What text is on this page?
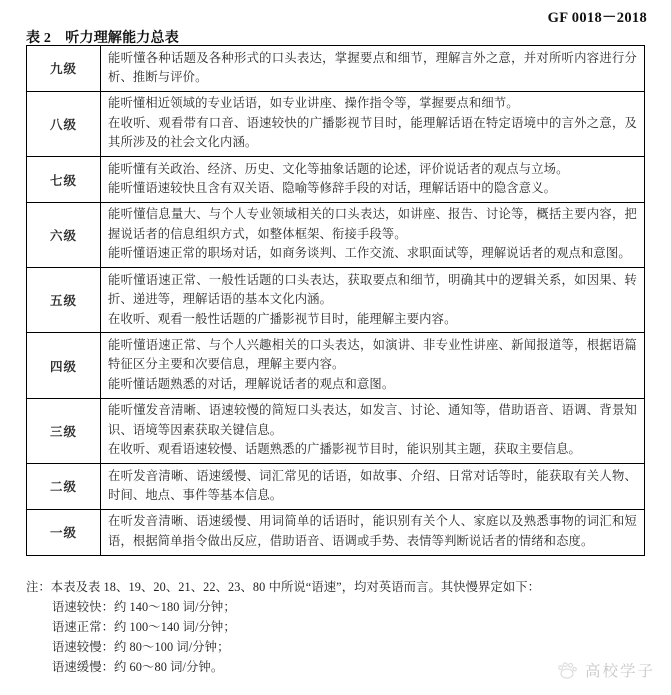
GF 0018－2018
表 2　听力理解能力总表
九级	能听懂各种话题及各种形式的口头表达，掌握要点和细节，理解言外之意，并对所听内容进行分析、推断与评价。

八级	能听懂相近领域的专业话语，如专业讲座、操作指令等，掌握要点和细节。

在收听、观看带有口音、语速较快的广播影视节目时，能理解话语在特定语境中的言外之意，及其所涉及的社会文化内涵。

七级	能听懂有关政治、经济、历史、文化等抽象话题的论述，评价说话者的观点与立场。

能听懂语速较快且含有双关语、隐喻等修辞手段的对话，理解话语中的隐含意义。

六级	能听懂信息量大、与个人专业领域相关的口头表达，如讲座、报告、讨论等，概括主要内容，把握说话者的信息组织方式，如整体框架、衔接手段等。

能听懂语速正常的职场对话，如商务谈判、工作交流、求职面试等，理解说话者的观点和意图。

五级	能听懂语速正常、一般性话题的口头表达，获取要点和细节，明确其中的逻辑关系，如因果、转折、递进等，理解话语的基本文化内涵。

在收听、观看一般性话题的广播影视节目时，能理解主要内容。

四级	能听懂语速正常、与个人兴趣相关的口头表达，如演讲、非专业性讲座、新闻报道等，根据语篇特征区分主要和次要信息，理解主要内容。

能听懂话题熟悉的对话，理解说话者的观点和意图。

三级	能听懂发音清晰、语速较慢的简短口头表达，如发言、讨论、通知等，借助语音、语调、背景知识、语境等因素获取关键信息。

在收听、观看语速较慢、话题熟悉的广播影视节目时，能识别其主题，获取主要信息。

二级	在听发音清晰、语速缓慢、词汇常见的话语，如故事、介绍、日常对话等时，能获取有关人物、时间、地点、事件等基本信息。

一级	在听发音清晰、语速缓慢、用词简单的话语时，能识别有关个人、家庭以及熟悉事物的词汇和短语，根据简单指令做出反应，借助语音、语调或手势、表情等判断说话者的情绪和态度。

注：本表及表 18、19、20、21、22、23、80 中所说“语速”，均对英语而言。其快慢界定如下：

语速较快：约 140～180 词/分钟；

语速正常：约 100～140 词/分钟；

语速较慢：约 80～100 词/分钟；

语速缓慢：约 60～80 词/分钟。	高校学子
